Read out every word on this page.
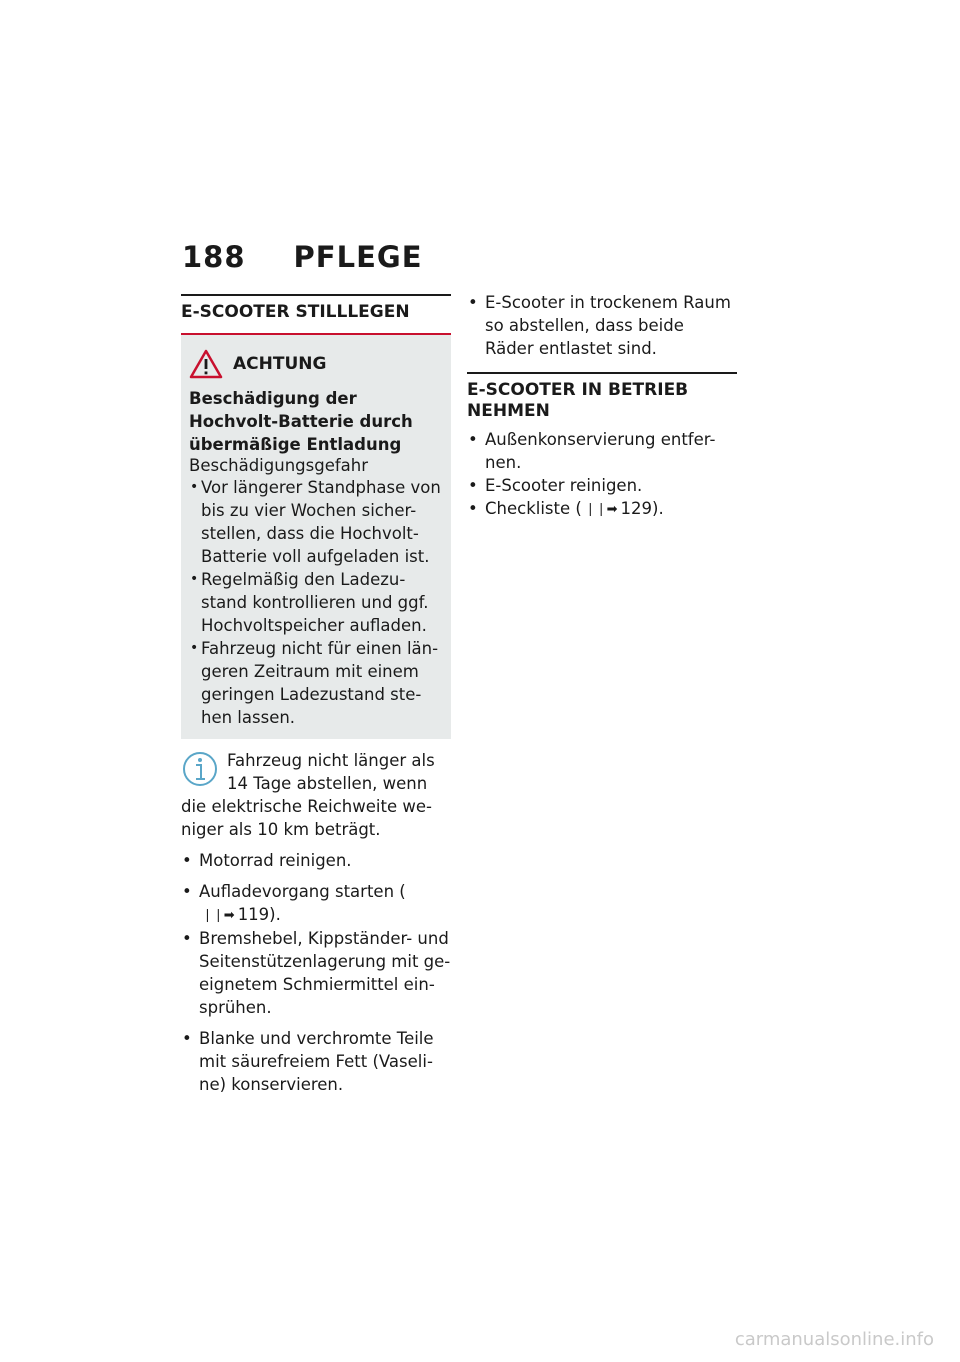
188 PFLEGE
E-SCOOTER STILLLEGEN
ACHTUNG
Beschädigung der Hochvolt-Batterie durch übermäßige Entladung
Beschädigungsgefahr
• Vor längerer Standphase von bis zu vier Wochen sicher-stellen, dass die Hochvolt-Batterie voll aufgeladen ist.
• Regelmäßig den Ladezu-stand kontrollieren und ggf. Hochvoltspeicher aufladen.
• Fahrzeug nicht für einen län-geren Zeitraum mit einem geringen Ladezustand ste-hen lassen.
Fahrzeug nicht länger als 14 Tage abstellen, wenn die elektrische Reichweite we-niger als 10 km beträgt.
• Motorrad reinigen.
• Aufladevorgang starten (
❘❘➡ 119).
• Bremshebel, Kippständer- und Seitenstützenlagerung mit ge-eignetem Schmiermittel ein-sprühen.
• Blanke und verchromte Teile mit säurefreiem Fett (Vaseli-ne) konservieren.
• E-Scooter in trockenem Raum so abstellen, dass beide Räder entlastet sind.
E-SCOOTER IN BETRIEB NEHMEN
• Außenkonservierung entfer-nen.
• E-Scooter reinigen.
• Checkliste ( ❘❘➡ 129).
carmanualsonline.info
